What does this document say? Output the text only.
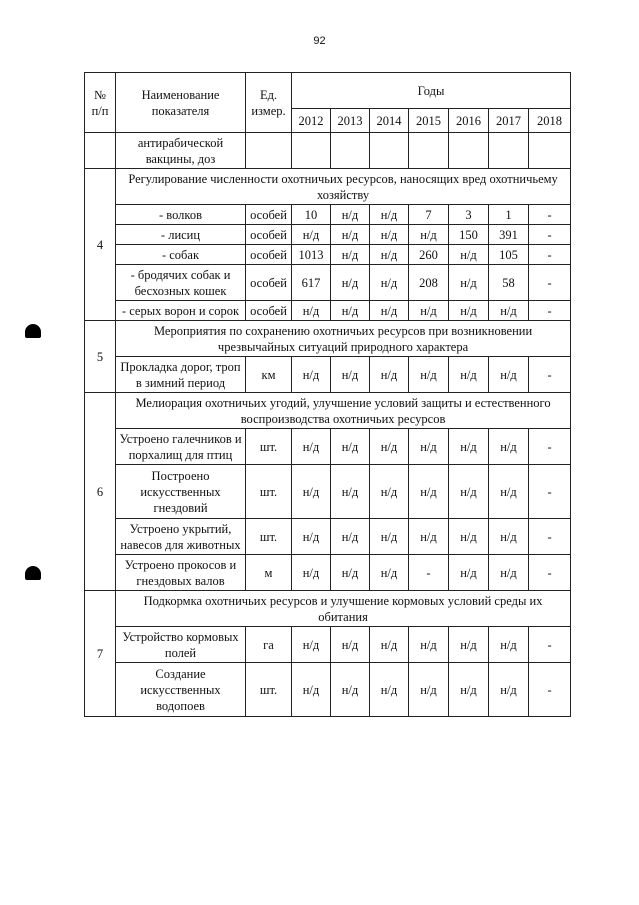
92
№ п/п	Наименование показателя	Ед. измер.	Годы						
			2012	2013	2014	2015	2016	2017	2018
	антирабической вакцины, доз								
4	Регулирование численности охотничьих ресурсов, наносящих вред охотничьему хозяйству								
	- волков	особей	10	н/д	н/д	7	3	1	-
	- лисиц	особей	н/д	н/д	н/д	н/д	150	391	-
	- собак	особей	1013	н/д	н/д	260	н/д	105	-
	- бродячих собак и бесхозных кошек	особей	617	н/д	н/д	208	н/д	58	-
	- серых ворон и сорок	особей	н/д	н/д	н/д	н/д	н/д	н/д	-
5	Мероприятия по сохранению охотничьих ресурсов при возникновении чрезвычайных ситуаций природного характера								
	Прокладка дорог, троп в зимний период	км	н/д	н/д	н/д	н/д	н/д	н/д	-
6	Мелиорация охотничьих угодий, улучшение условий защиты и естественного воспроизводства охотничьих ресурсов								
	Устроено галечников и порхалищ для птиц	шт.	н/д	н/д	н/д	н/д	н/д	н/д	-
	Построено искусственных гнездовий	шт.	н/д	н/д	н/д	н/д	н/д	н/д	-
	Устроено укрытий, навесов для животных	шт.	н/д	н/д	н/д	н/д	н/д	н/д	-
	Устроено прокосов и гнездовых валов	м	н/д	н/д	н/д	-	н/д	н/д	-
7	Подкормка охотничьих ресурсов и улучшение кормовых условий среды их обитания								
	Устройство кормовых полей	га	н/д	н/д	н/д	н/д	н/д	н/д	-
	Создание искусственных водопоев	шт.	н/д	н/д	н/д	н/д	н/д	н/д	-
